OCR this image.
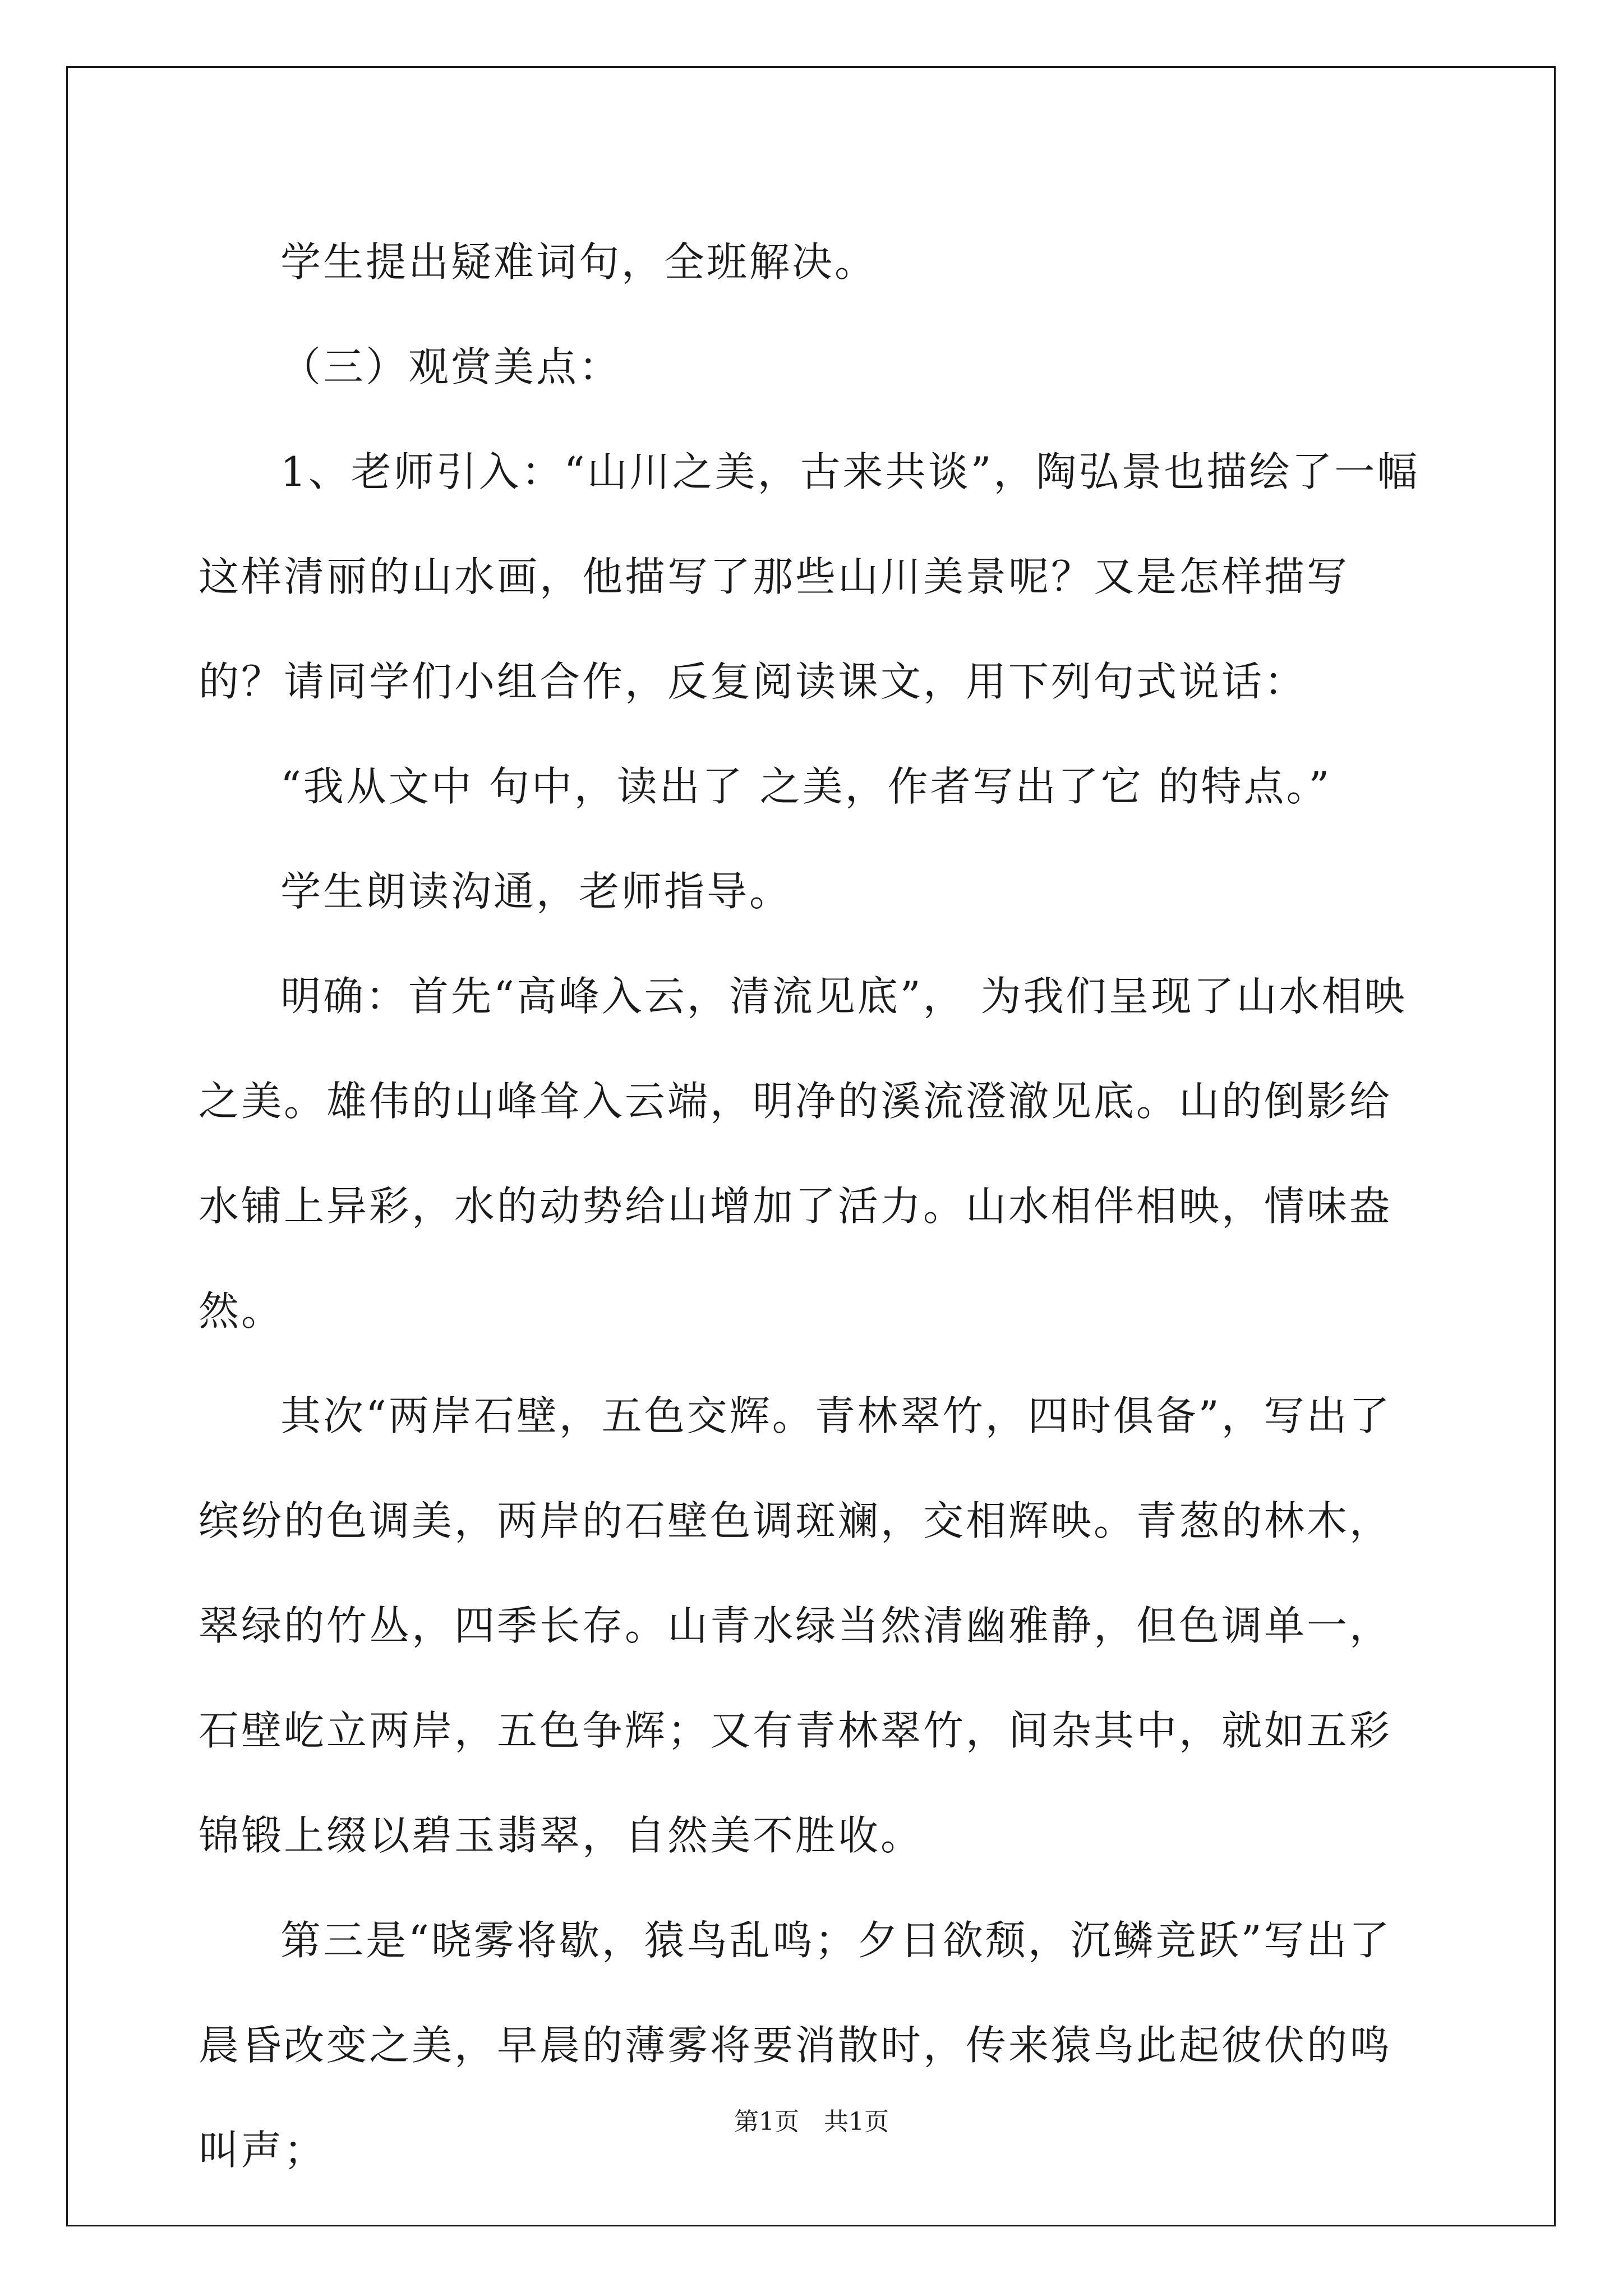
学生提出疑难词句，全班解决。

（三）观赏美点：

1、老师引入：“山川之美，古来共谈”，陶弘景也描绘了一幅这样清丽的山水画，他描写了那些山川美景呢？又是怎样描写的？请同学们小组合作，反复阅读课文，用下列句式说话：

“我从文中 句中，读出了 之美，作者写出了它 的特点。”

学生朗读沟通，老师指导。

明确：首先“高峰入云，清流见底”， 为我们呈现了山水相映之美。雄伟的山峰耸入云端，明净的溪流澄澈见底。山的倒影给水铺上异彩，水的动势给山增加了活力。山水相伴相映，情味盎然。

其次“两岸石壁，五色交辉。青林翠竹，四时俱备”，写出了缤纷的色调美，两岸的石壁色调斑斓，交相辉映。青葱的林木，翠绿的竹丛，四季长存。山青水绿当然清幽雅静，但色调单一，石壁屹立两岸，五色争辉；又有青林翠竹，间杂其中，就如五彩锦锻上缀以碧玉翡翠，自然美不胜收。

第三是“晓雾将歇，猿鸟乱鸣；夕日欲颓，沉鳞竞跃”写出了晨昏改变之美，早晨的薄雾将要消散时，传来猿鸟此起彼伏的鸣叫声；

第1页 共1页
